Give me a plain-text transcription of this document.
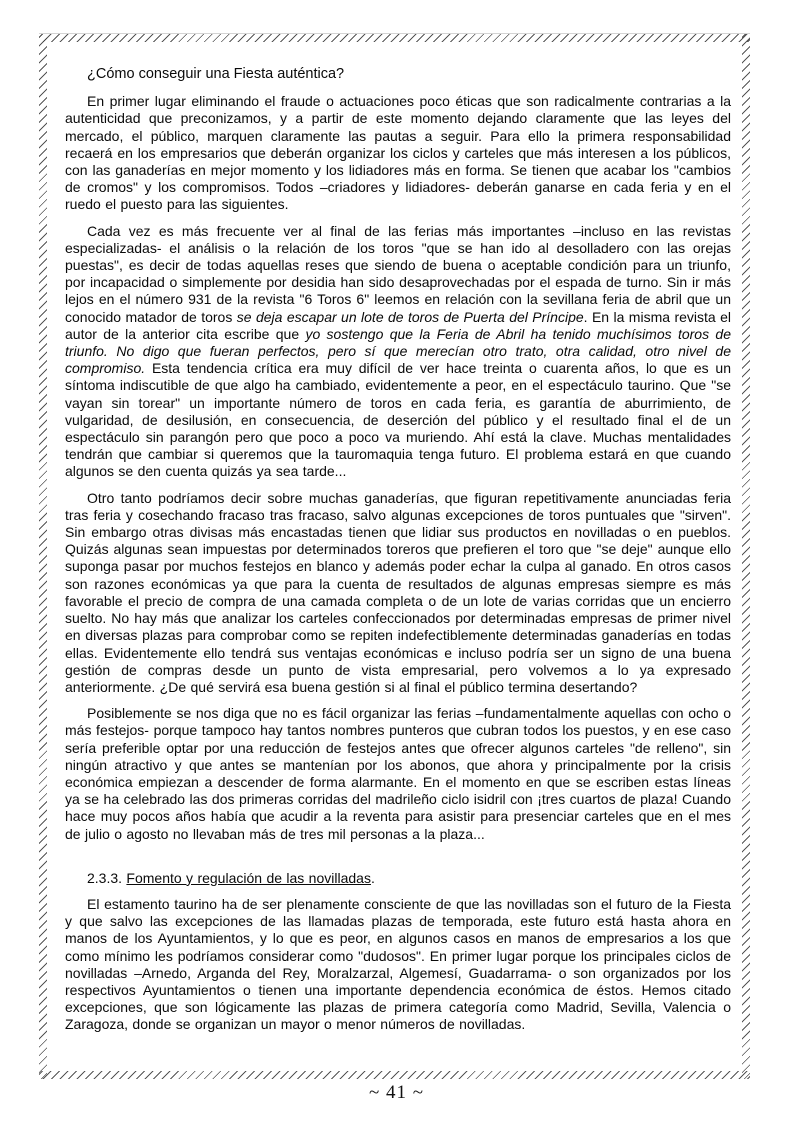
¿Cómo conseguir una Fiesta auténtica?

En primer lugar eliminando el fraude o actuaciones poco éticas que son radicalmente contrarias a la autenticidad que preconizamos, y a partir de este momento dejando claramente que las leyes del mercado, el público, marquen claramente las pautas a seguir. Para ello la primera responsabilidad recaerá en los empresarios que deberán organizar los ciclos y carteles que más interesen a los públicos, con las ganaderías en mejor momento y los lidiadores más en forma. Se tienen que acabar los "cambios de cromos" y los compromisos. Todos –criadores y lidiadores- deberán ganarse en cada feria y en el ruedo el puesto para las siguientes.

Cada vez es más frecuente ver al final de las ferias más importantes –incluso en las revistas especializadas- el análisis o la relación de los toros "que se han ido al desolladero con las orejas puestas", es decir de todas aquellas reses que siendo de buena o aceptable condición para un triunfo, por incapacidad o simplemente por desidia han sido desaprovechadas por el espada de turno. Sin ir más lejos en el número 931 de la revista "6 Toros 6" leemos en relación con la sevillana feria de abril que un conocido matador de toros se deja escapar un lote de toros de Puerta del Príncipe. En la misma revista el autor de la anterior cita escribe que yo sostengo que la Feria de Abril ha tenido muchísimos toros de triunfo. No digo que fueran perfectos, pero sí que merecían otro trato, otra calidad, otro nivel de compromiso. Esta tendencia crítica era muy difícil de ver hace treinta o cuarenta años, lo que es un síntoma indiscutible de que algo ha cambiado, evidentemente a peor, en el espectáculo taurino. Que "se vayan sin torear" un importante número de toros en cada feria, es garantía de aburrimiento, de vulgaridad, de desilusión, en consecuencia, de deserción del público y el resultado final el de un espectáculo sin parangón pero que poco a poco va muriendo. Ahí está la clave. Muchas mentalidades tendrán que cambiar si queremos que la tauromaquia tenga futuro. El problema estará en que cuando algunos se den cuenta quizás ya sea tarde...

Otro tanto podríamos decir sobre muchas ganaderías, que figuran repetitivamente anunciadas feria tras feria y cosechando fracaso tras fracaso, salvo algunas excepciones de toros puntuales que "sirven". Sin embargo otras divisas más encastadas tienen que lidiar sus productos en novilladas o en pueblos. Quizás algunas sean impuestas por determinados toreros que prefieren el toro que "se deje" aunque ello suponga pasar por muchos festejos en blanco y además poder echar la culpa al ganado. En otros casos son razones económicas ya que para la cuenta de resultados de algunas empresas siempre es más favorable el precio de compra de una camada completa o de un lote de varias corridas que un encierro suelto. No hay más que analizar los carteles confeccionados por determinadas empresas de primer nivel en diversas plazas para comprobar como se repiten indefectiblemente determinadas ganaderías en todas ellas. Evidentemente ello tendrá sus ventajas económicas e incluso podría ser un signo de una buena gestión de compras desde un punto de vista empresarial, pero volvemos a lo ya expresado anteriormente. ¿De qué servirá esa buena gestión si al final el público termina desertando?

Posiblemente se nos diga que no es fácil organizar las ferias –fundamentalmente aquellas con ocho o más festejos- porque tampoco hay tantos nombres punteros que cubran todos los puestos, y en ese caso sería preferible optar por una reducción de festejos antes que ofrecer algunos carteles "de relleno", sin ningún atractivo y que antes se mantenían por los abonos, que ahora y principalmente por la crisis económica empiezan a descender de forma alarmante. En el momento en que se escriben estas líneas ya se ha celebrado las dos primeras corridas del madrileño ciclo isidril con ¡tres cuartos de plaza! Cuando hace muy pocos años había que acudir a la reventa para asistir para presenciar carteles que en el mes de julio o agosto no llevaban más de tres mil personas a la plaza...

2.3.3. Fomento y regulación de las novilladas.

El estamento taurino ha de ser plenamente consciente de que las novilladas son el futuro de la Fiesta y que salvo las excepciones de las llamadas plazas de temporada, este futuro está hasta ahora en manos de los Ayuntamientos, y lo que es peor, en algunos casos en manos de empresarios a los que como mínimo les podríamos considerar como "dudosos". En primer lugar porque los principales ciclos de novilladas –Arnedo, Arganda del Rey, Moralzarzal, Algemesí, Guadarrama- o son organizados por los respectivos Ayuntamientos o tienen una importante dependencia económica de éstos. Hemos citado excepciones, que son lógicamente las plazas de primera categoría como Madrid, Sevilla, Valencia o Zaragoza, donde se organizan un mayor o menor números de novilladas.

~ 41 ~
